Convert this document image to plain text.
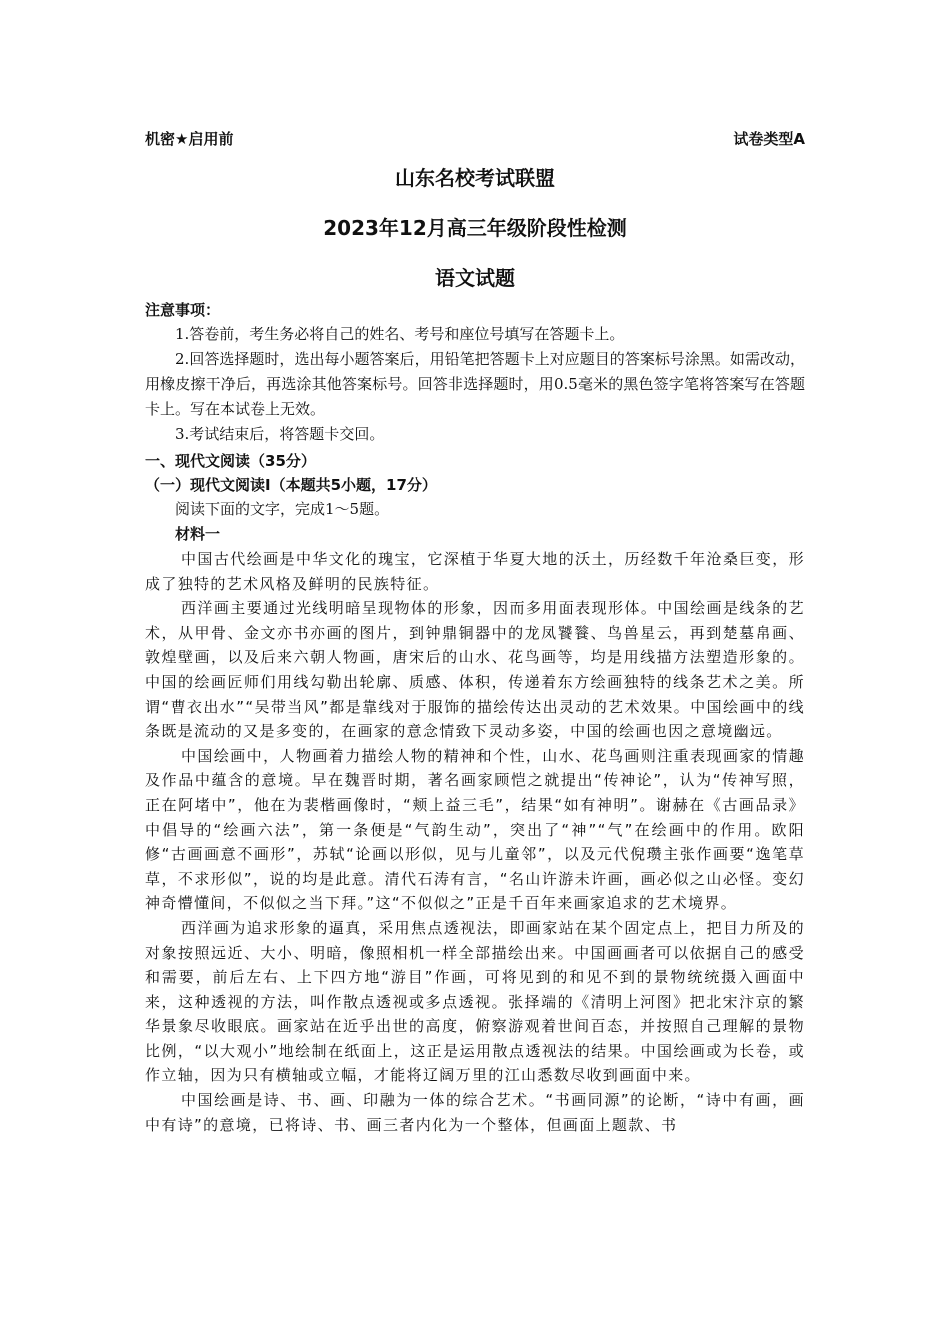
机密★启用前	试卷类型A

山东名校考试联盟

2023年12月高三年级阶段性检测

语文试题

注意事项：

1.答卷前，考生务必将自己的姓名、考号和座位号填写在答题卡上。

2.回答选择题时，选出每小题答案后，用铅笔把答题卡上对应题目的答案标号涂黑。如需改动，用橡皮擦干净后，再选涂其他答案标号。回答非选择题时，用0.5毫米的黑色签字笔将答案写在答题卡上。写在本试卷上无效。

3.考试结束后，将答题卡交回。

一、现代文阅读（35分）

（一）现代文阅读Ⅰ（本题共5小题，17分）

阅读下面的文字，完成1～5题。

材料一

中国古代绘画是中华文化的瑰宝，它深植于华夏大地的沃土，历经数千年沧桑巨变，形成了独特的艺术风格及鲜明的民族特征。

西洋画主要通过光线明暗呈现物体的形象，因而多用面表现形体。中国绘画是线条的艺术，从甲骨、金文亦书亦画的图片，到钟鼎铜器中的龙凤饕餮、鸟兽星云，再到楚墓帛画、敦煌壁画，以及后来六朝人物画，唐宋后的山水、花鸟画等，均是用线描方法塑造形象的。中国的绘画匠师们用线勾勒出轮廓、质感、体积，传递着东方绘画独特的线条艺术之美。所谓“曹衣出水”“吴带当风”都是靠线对于服饰的描绘传达出灵动的艺术效果。中国绘画中的线条既是流动的又是多变的，在画家的意念情致下灵动多姿，中国的绘画也因之意境幽远。

中国绘画中，人物画着力描绘人物的精神和个性，山水、花鸟画则注重表现画家的情趣及作品中蕴含的意境。早在魏晋时期，著名画家顾恺之就提出“传神论”，认为“传神写照，正在阿堵中”，他在为裴楷画像时，“颊上益三毛”，结果“如有神明”。谢赫在《古画品录》中倡导的“绘画六法”，第一条便是“气韵生动”，突出了“神”“气”在绘画中的作用。欧阳修“古画画意不画形”，苏轼“论画以形似，见与儿童邻”，以及元代倪瓒主张作画要“逸笔草草，不求形似”，说的均是此意。清代石涛有言，“名山许游未许画，画必似之山必怪。变幻神奇懵懂间，不似似之当下拜。”这“不似似之”正是千百年来画家追求的艺术境界。

西洋画为追求形象的逼真，采用焦点透视法，即画家站在某个固定点上，把目力所及的对象按照远近、大小、明暗，像照相机一样全部描绘出来。中国画画者可以依据自己的感受和需要，前后左右、上下四方地“游目”作画，可将见到的和见不到的景物统统摄入画面中来，这种透视的方法，叫作散点透视或多点透视。张择端的《清明上河图》把北宋汴京的繁华景象尽收眼底。画家站在近乎出世的高度，俯察游观着世间百态，并按照自己理解的景物比例，“以大观小”地绘制在纸面上，这正是运用散点透视法的结果。中国绘画或为长卷，或作立轴，因为只有横轴或立幅，才能将辽阔万里的江山悉数尽收到画面中来。

中国绘画是诗、书、画、印融为一体的综合艺术。“书画同源”的论断，“诗中有画，画中有诗”的意境，已将诗、书、画三者内化为一个整体，但画面上题款、书
